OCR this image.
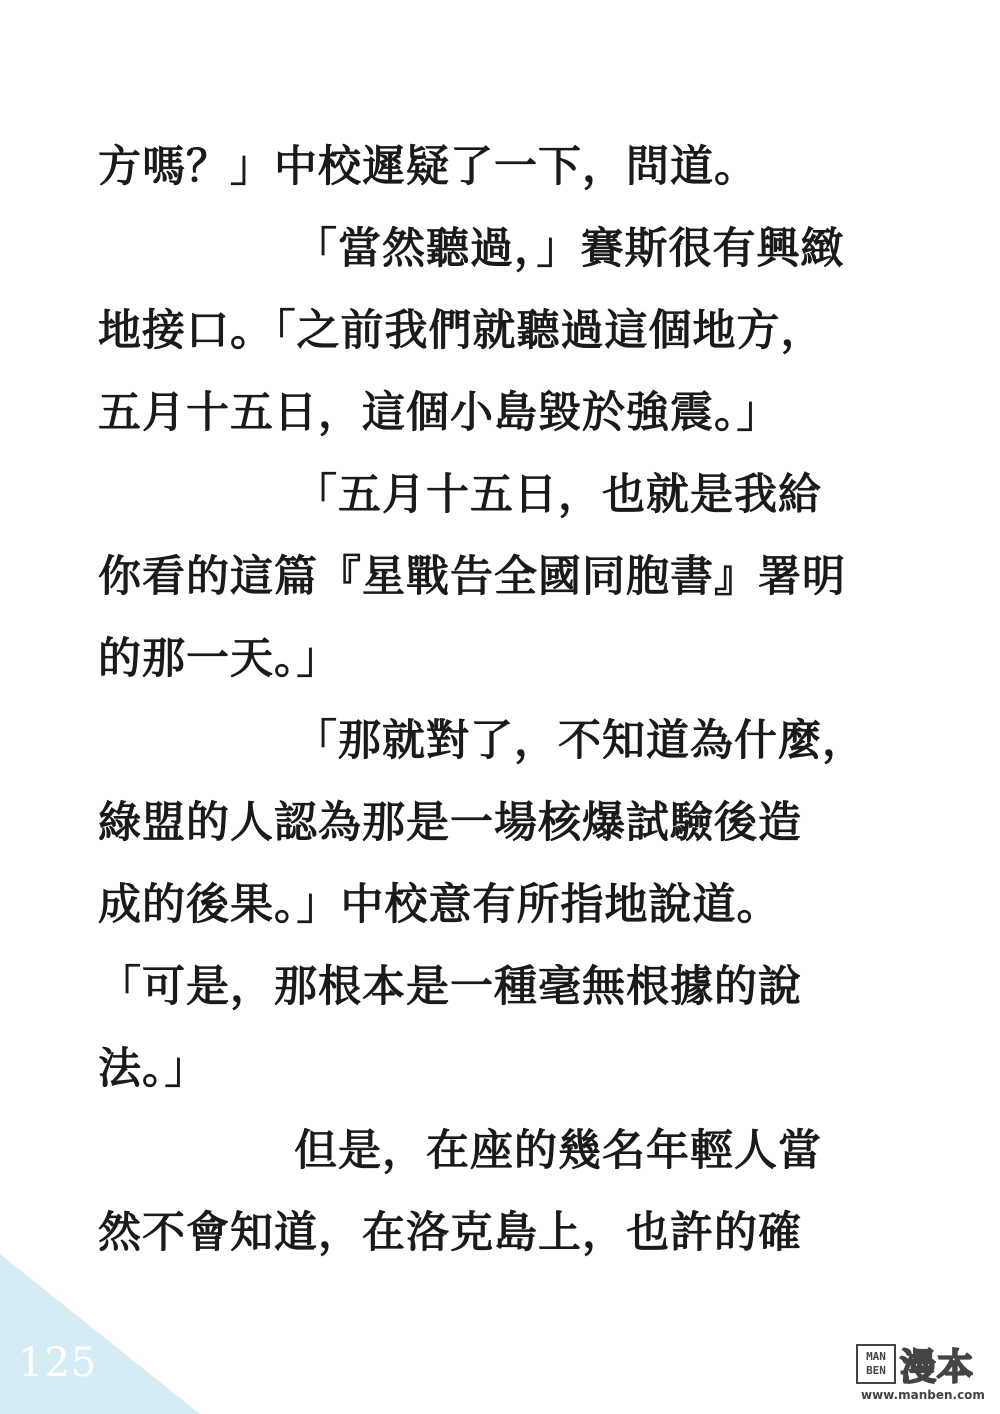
方嗎？」中校遲疑了一下，問道。
「當然聽過，」賽斯很有興緻
地接口。「之前我們就聽過這個地方，
五月十五日，這個小島毀於強震。」
「五月十五日，也就是我給
你看的這篇『星戰告全國同胞書』署明
的那一天。」
「那就對了，不知道為什麼，
綠盟的人認為那是一場核爆試驗後造
成的後果。」中校意有所指地說道。
「可是，那根本是一種毫無根據的說
法。」
但是，在座的幾名年輕人當
然不會知道，在洛克島上，也許的確
125	MAN
BEN 漫本
www.manben.com
